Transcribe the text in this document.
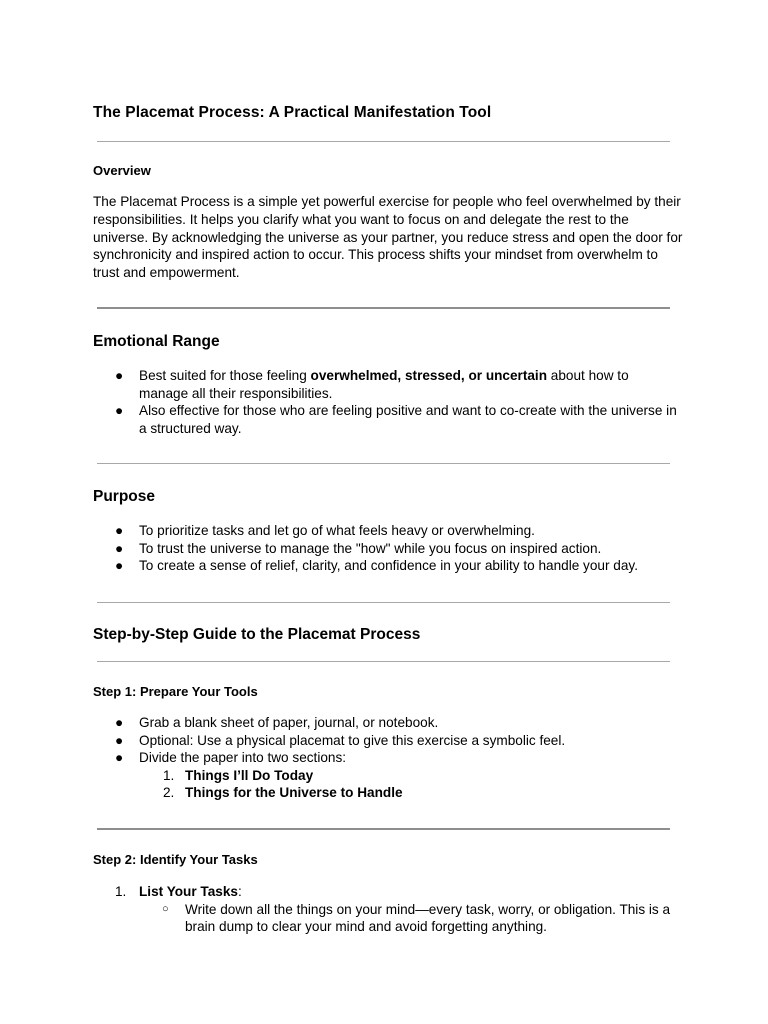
The Placemat Process: A Practical Manifestation Tool
Overview
The Placemat Process is a simple yet powerful exercise for people who feel overwhelmed by their responsibilities. It helps you clarify what you want to focus on and delegate the rest to the universe. By acknowledging the universe as your partner, you reduce stress and open the door for synchronicity and inspired action to occur. This process shifts your mindset from overwhelm to trust and empowerment.
Emotional Range
● Best suited for those feeling overwhelmed, stressed, or uncertain about how to manage all their responsibilities.
● Also effective for those who are feeling positive and want to co-create with the universe in a structured way.
Purpose
● To prioritize tasks and let go of what feels heavy or overwhelming.
● To trust the universe to manage the "how" while you focus on inspired action.
● To create a sense of relief, clarity, and confidence in your ability to handle your day.
Step-by-Step Guide to the Placemat Process
Step 1: Prepare Your Tools
● Grab a blank sheet of paper, journal, or notebook.
● Optional: Use a physical placemat to give this exercise a symbolic feel.
● Divide the paper into two sections:
1. Things I’ll Do Today
2. Things for the Universe to Handle
Step 2: Identify Your Tasks
1. List Your Tasks:
○ Write down all the things on your mind—every task, worry, or obligation. This is a brain dump to clear your mind and avoid forgetting anything.
